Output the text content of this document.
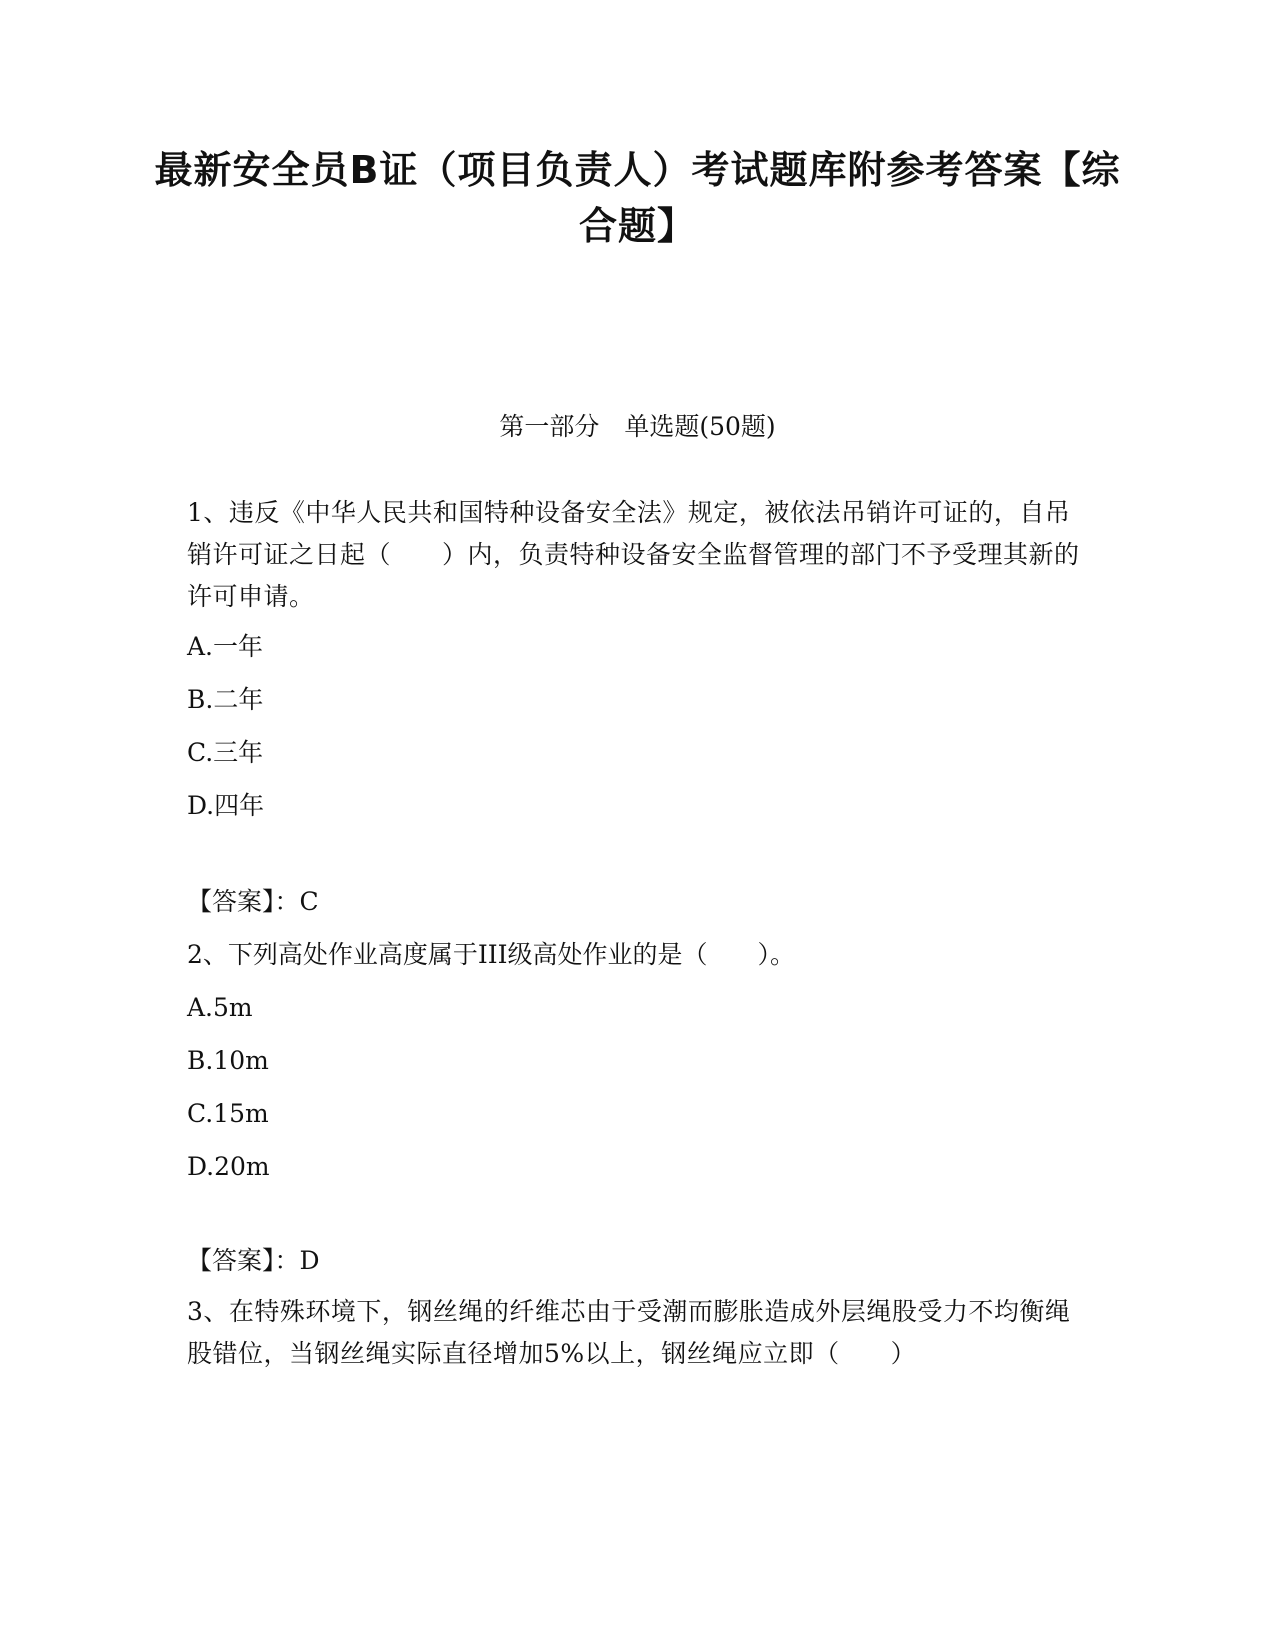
最新安全员B证（项目负责人）考试题库附参考答案【综合题】
第一部分　单选题(50题)
1、违反《中华人民共和国特种设备安全法》规定，被依法吊销许可证的，自吊销许可证之日起（　　）内，负责特种设备安全监督管理的部门不予受理其新的许可申请。
A.一年
B.二年
C.三年
D.四年
【答案】：C
2、下列高处作业高度属于III级高处作业的是（　　）。
A.5m
B.10m
C.15m
D.20m
【答案】：D
3、在特殊环境下，钢丝绳的纤维芯由于受潮而膨胀造成外层绳股受力不均衡绳股错位，当钢丝绳实际直径增加5%以上，钢丝绳应立即（　　）
